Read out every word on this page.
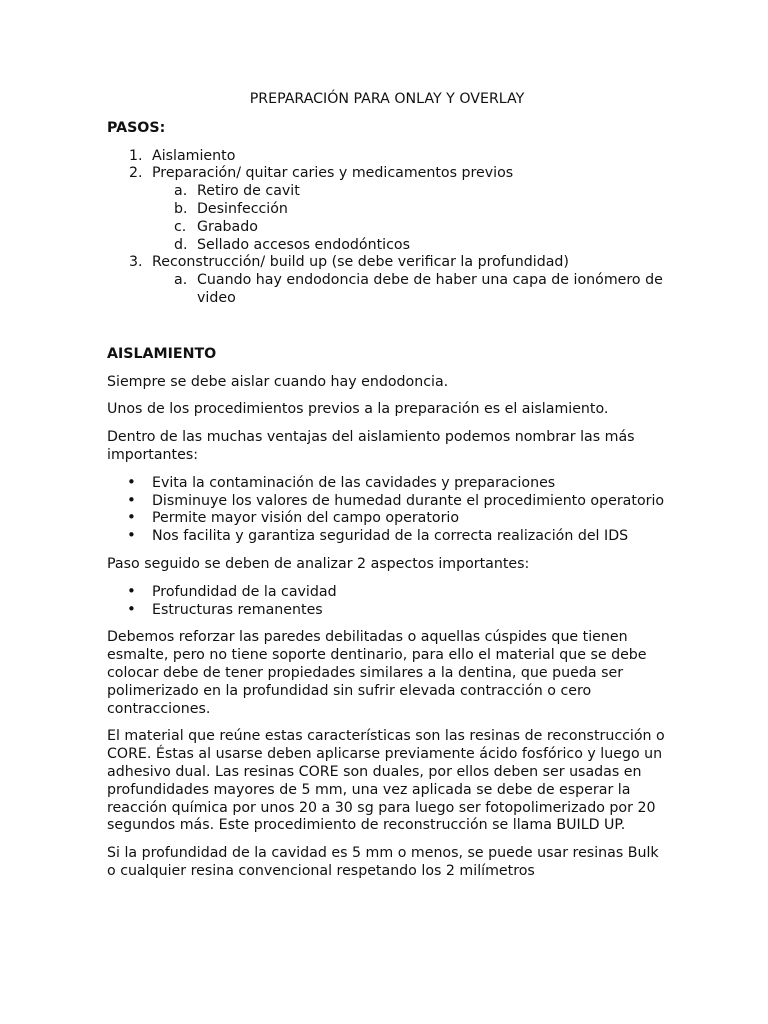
PREPARACIÓN PARA ONLAY Y OVERLAY
PASOS:
1. Aislamiento
2. Preparación/ quitar caries y medicamentos previos
a. Retiro de cavit
b. Desinfección
c. Grabado
d. Sellado accesos endodónticos
3. Reconstrucción/ build up (se debe verificar la profundidad)
a. Cuando hay endodoncia debe de haber una capa de ionómero de video
AISLAMIENTO

Siempre se debe aislar cuando hay endodoncia.

Unos de los procedimientos previos a la preparación es el aislamiento.

Dentro de las muchas ventajas del aislamiento podemos nombrar las más importantes:

• Evita la contaminación de las cavidades y preparaciones
• Disminuye los valores de humedad durante el procedimiento operatorio
• Permite mayor visión del campo operatorio
• Nos facilita y garantiza seguridad de la correcta realización del IDS

Paso seguido se deben de analizar 2 aspectos importantes:

• Profundidad de la cavidad
• Estructuras remanentes

Debemos reforzar las paredes debilitadas o aquellas cúspides que tienen esmalte, pero no tiene soporte dentinario, para ello el material que se debe colocar debe de tener propiedades similares a la dentina, que pueda ser polimerizado en la profundidad sin sufrir elevada contracción o cero contracciones.

El material que reúne estas características son las resinas de reconstrucción o CORE. Éstas al usarse deben aplicarse previamente ácido fosfórico y luego un adhesivo dual. Las resinas CORE son duales, por ellos deben ser usadas en profundidades mayores de 5 mm, una vez aplicada se debe de esperar la reacción química por unos 20 a 30 sg para luego ser fotopolimerizado por 20 segundos más. Este procedimiento de reconstrucción se llama BUILD UP.

Si la profundidad de la cavidad es 5 mm o menos, se puede usar resinas Bulk o cualquier resina convencional respetando los 2 milímetros
